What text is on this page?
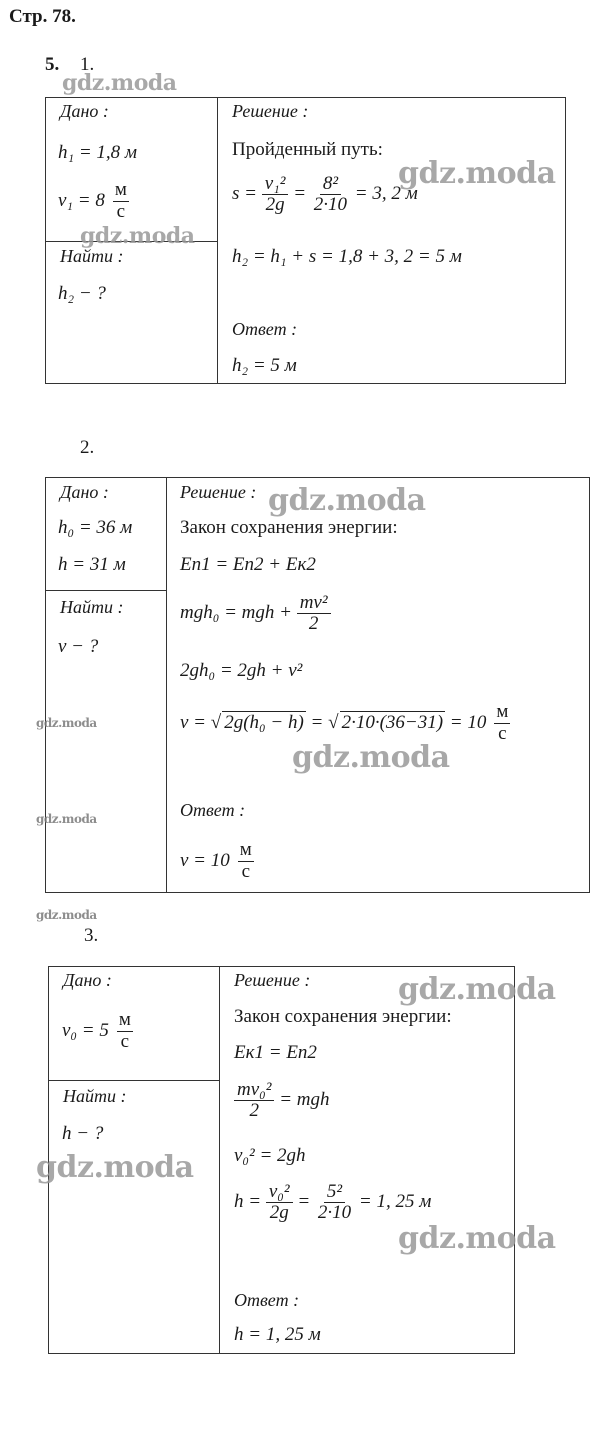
Стр. 78.
5. 1.
Дано :
h₁ = 1,8 м
$v_1 = 8 \frac{м}{с}$
Найти :
h₂ − ?
Решение :
Пройденный путь:
$s = \frac{\text{v₁²}}{2g} = \frac{\text{8²}}{2\cdot 10} = 3$, 2 м
h₂ = h₁ + s = 1,8 + 3, 2 = 5 м
Ответ :
h₂ = 5 м
2.
Дано :
h₀ = 36 м
h = 31 м
Найти :
v − ?
Решение :
Закон сохранения энергии:
Eп1 = Eп2 + Eк2
mgh₀ = mgh + $\frac{\text{mv²}}{2}$
2gh₀ = 2gh + v²
v = √ 2g(h₀ − h) = √ $2\cdot 10\cdot(36-31) = 10 \frac{м}{с}$
Ответ :
$v = 10 \frac{м}{с}$
3.
Дано :
$v_0 = 5 \frac{м}{с}$
Найти :
h − ?
Решение :
Закон сохранения энергии:
Eк1 = Eп2
$\frac{\text{mv₀²}}{2}$ = mgh
v₀² = 2gh
$h = \frac{\text{v₀²}}{2g} = \frac{\text{5²}}{2\cdot 10} = 1$, 25 м
Ответ :
h = 1, 25 м
gdz.moda
gdz.moda
gdz.moda
gdz.moda
gdz.moda
gdz.moda
gdz.moda
gdz.moda
gdz.moda
gdz.moda
gdz.moda
